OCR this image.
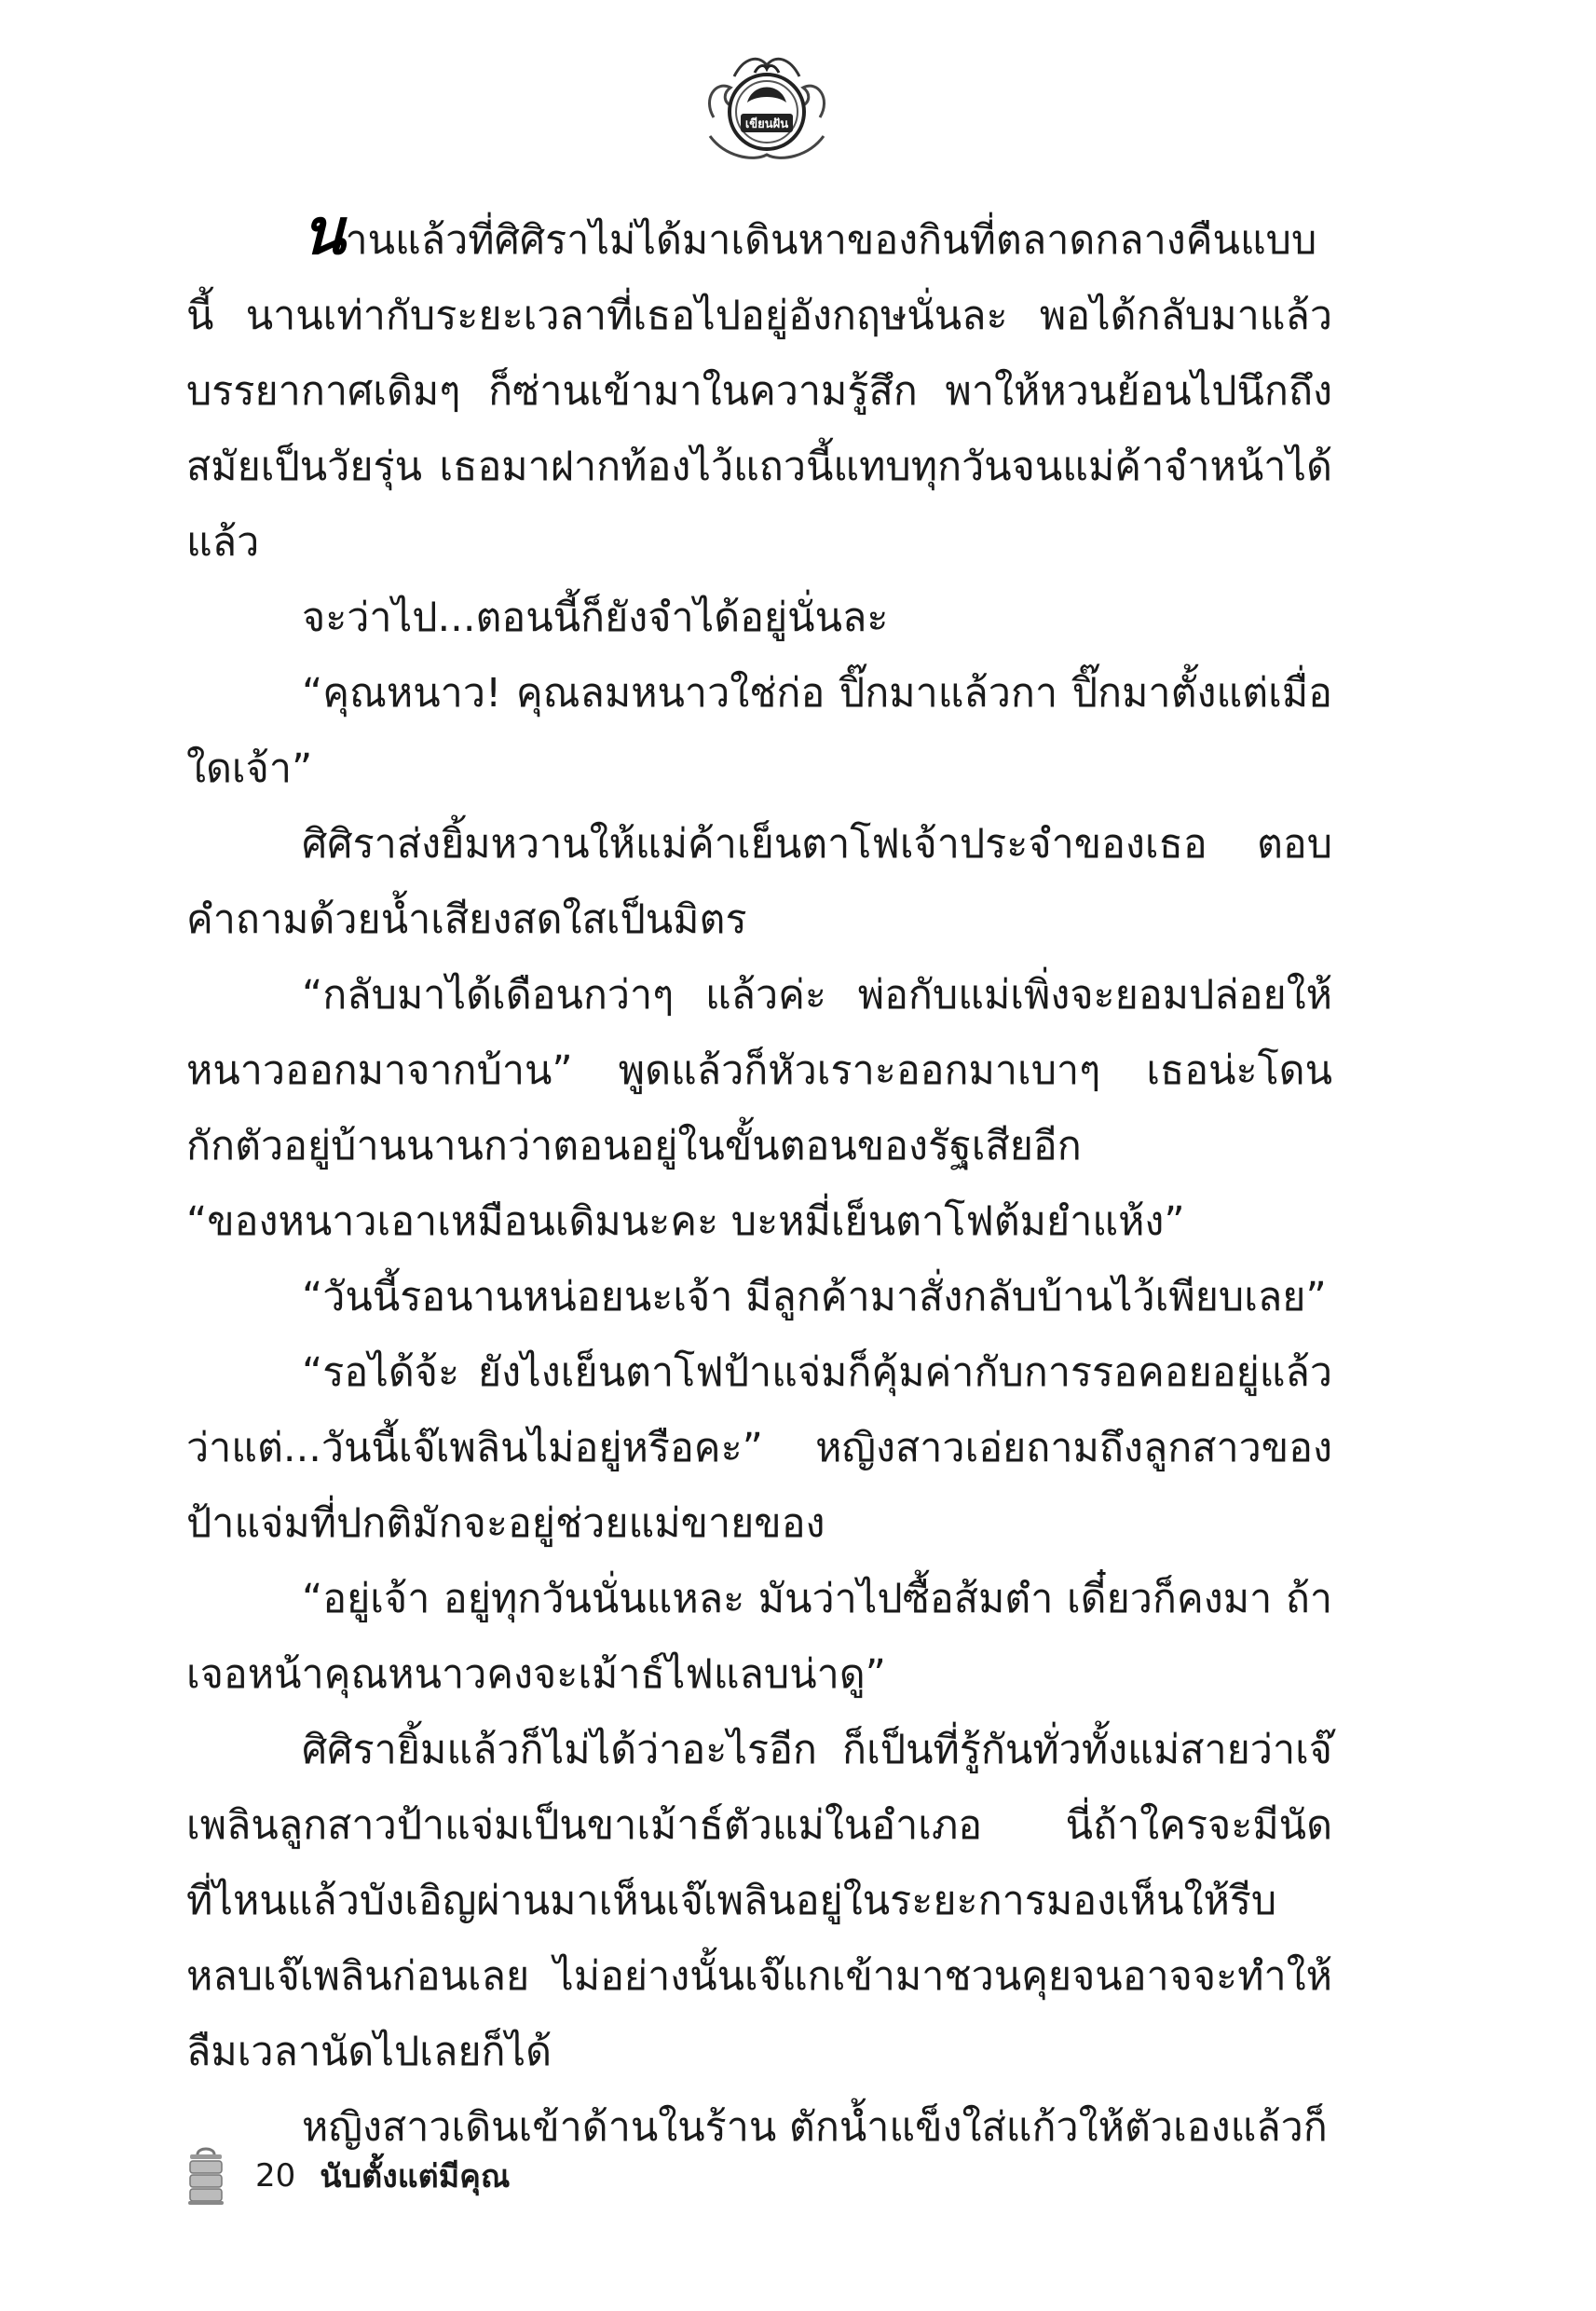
เขียนฝัน

นานแล้วที่ศิศิราไม่ได้มาเดินหาของกินที่ตลาดกลางคืนแบบนี้ นานเท่ากับระยะเวลาที่เธอไปอยู่อังกฤษนั่นละ พอได้กลับมาแล้วบรรยากาศเดิมๆ ก็ซ่านเข้ามาในความรู้สึก พาให้หวนย้อนไปนึกถึงสมัยเป็นวัยรุ่น เธอมาฝากท้องไว้แถวนี้แทบทุกวันจนแม่ค้าจำหน้าได้แล้ว

จะว่าไป...ตอนนี้ก็ยังจำได้อยู่นั่นละ

“คุณหนาว! คุณลมหนาวใช่ก่อ ปิ๊กมาแล้วกา ปิ๊กมาตั้งแต่เมื่อใดเจ้า”

ศิศิราส่งยิ้มหวานให้แม่ค้าเย็นตาโฟเจ้าประจำของเธอ ตอบคำถามด้วยน้ำเสียงสดใสเป็นมิตร

“กลับมาได้เดือนกว่าๆ แล้วค่ะ พ่อกับแม่เพิ่งจะยอมปล่อยให้หนาวออกมาจากบ้าน” พูดแล้วก็หัวเราะออกมาเบาๆ เธอน่ะโดนกักตัวอยู่บ้านนานกว่าตอนอยู่ในขั้นตอนของรัฐเสียอีก

“ของหนาวเอาเหมือนเดิมนะคะ บะหมี่เย็นตาโฟต้มยำแห้ง”

“วันนี้รอนานหน่อยนะเจ้า มีลูกค้ามาสั่งกลับบ้านไว้เพียบเลย”

“รอได้จ้ะ ยังไงเย็นตาโฟป้าแจ่มก็คุ้มค่ากับการรอคอยอยู่แล้ว ว่าแต่...วันนี้เจ๊เพลินไม่อยู่หรือคะ” หญิงสาวเอ่ยถามถึงลูกสาวของป้าแจ่มที่ปกติมักจะอยู่ช่วยแม่ขายของ

“อยู่เจ้า อยู่ทุกวันนั่นแหละ มันว่าไปซื้อส้มตำ เดี๋ยวก็คงมา ถ้าเจอหน้าคุณหนาวคงจะเม้าธ์ไฟแลบน่าดู”

ศิศิรายิ้มแล้วก็ไม่ได้ว่าอะไรอีก ก็เป็นที่รู้กันทั่วทั้งแม่สายว่าเจ๊เพลินลูกสาวป้าแจ่มเป็นขาเม้าธ์ตัวแม่ในอำเภอ นี่ถ้าใครจะมีนัดที่ไหนแล้วบังเอิญผ่านมาเห็นเจ๊เพลินอยู่ในระยะการมองเห็นให้รีบหลบเจ๊เพลินก่อนเลย ไม่อย่างนั้นเจ๊แกเข้ามาชวนคุยจนอาจจะทำให้ลืมเวลานัดไปเลยก็ได้

หญิงสาวเดินเข้าด้านในร้าน ตักน้ำแข็งใส่แก้วให้ตัวเองแล้วก็

20 นับตั้งแต่มีคุณ
